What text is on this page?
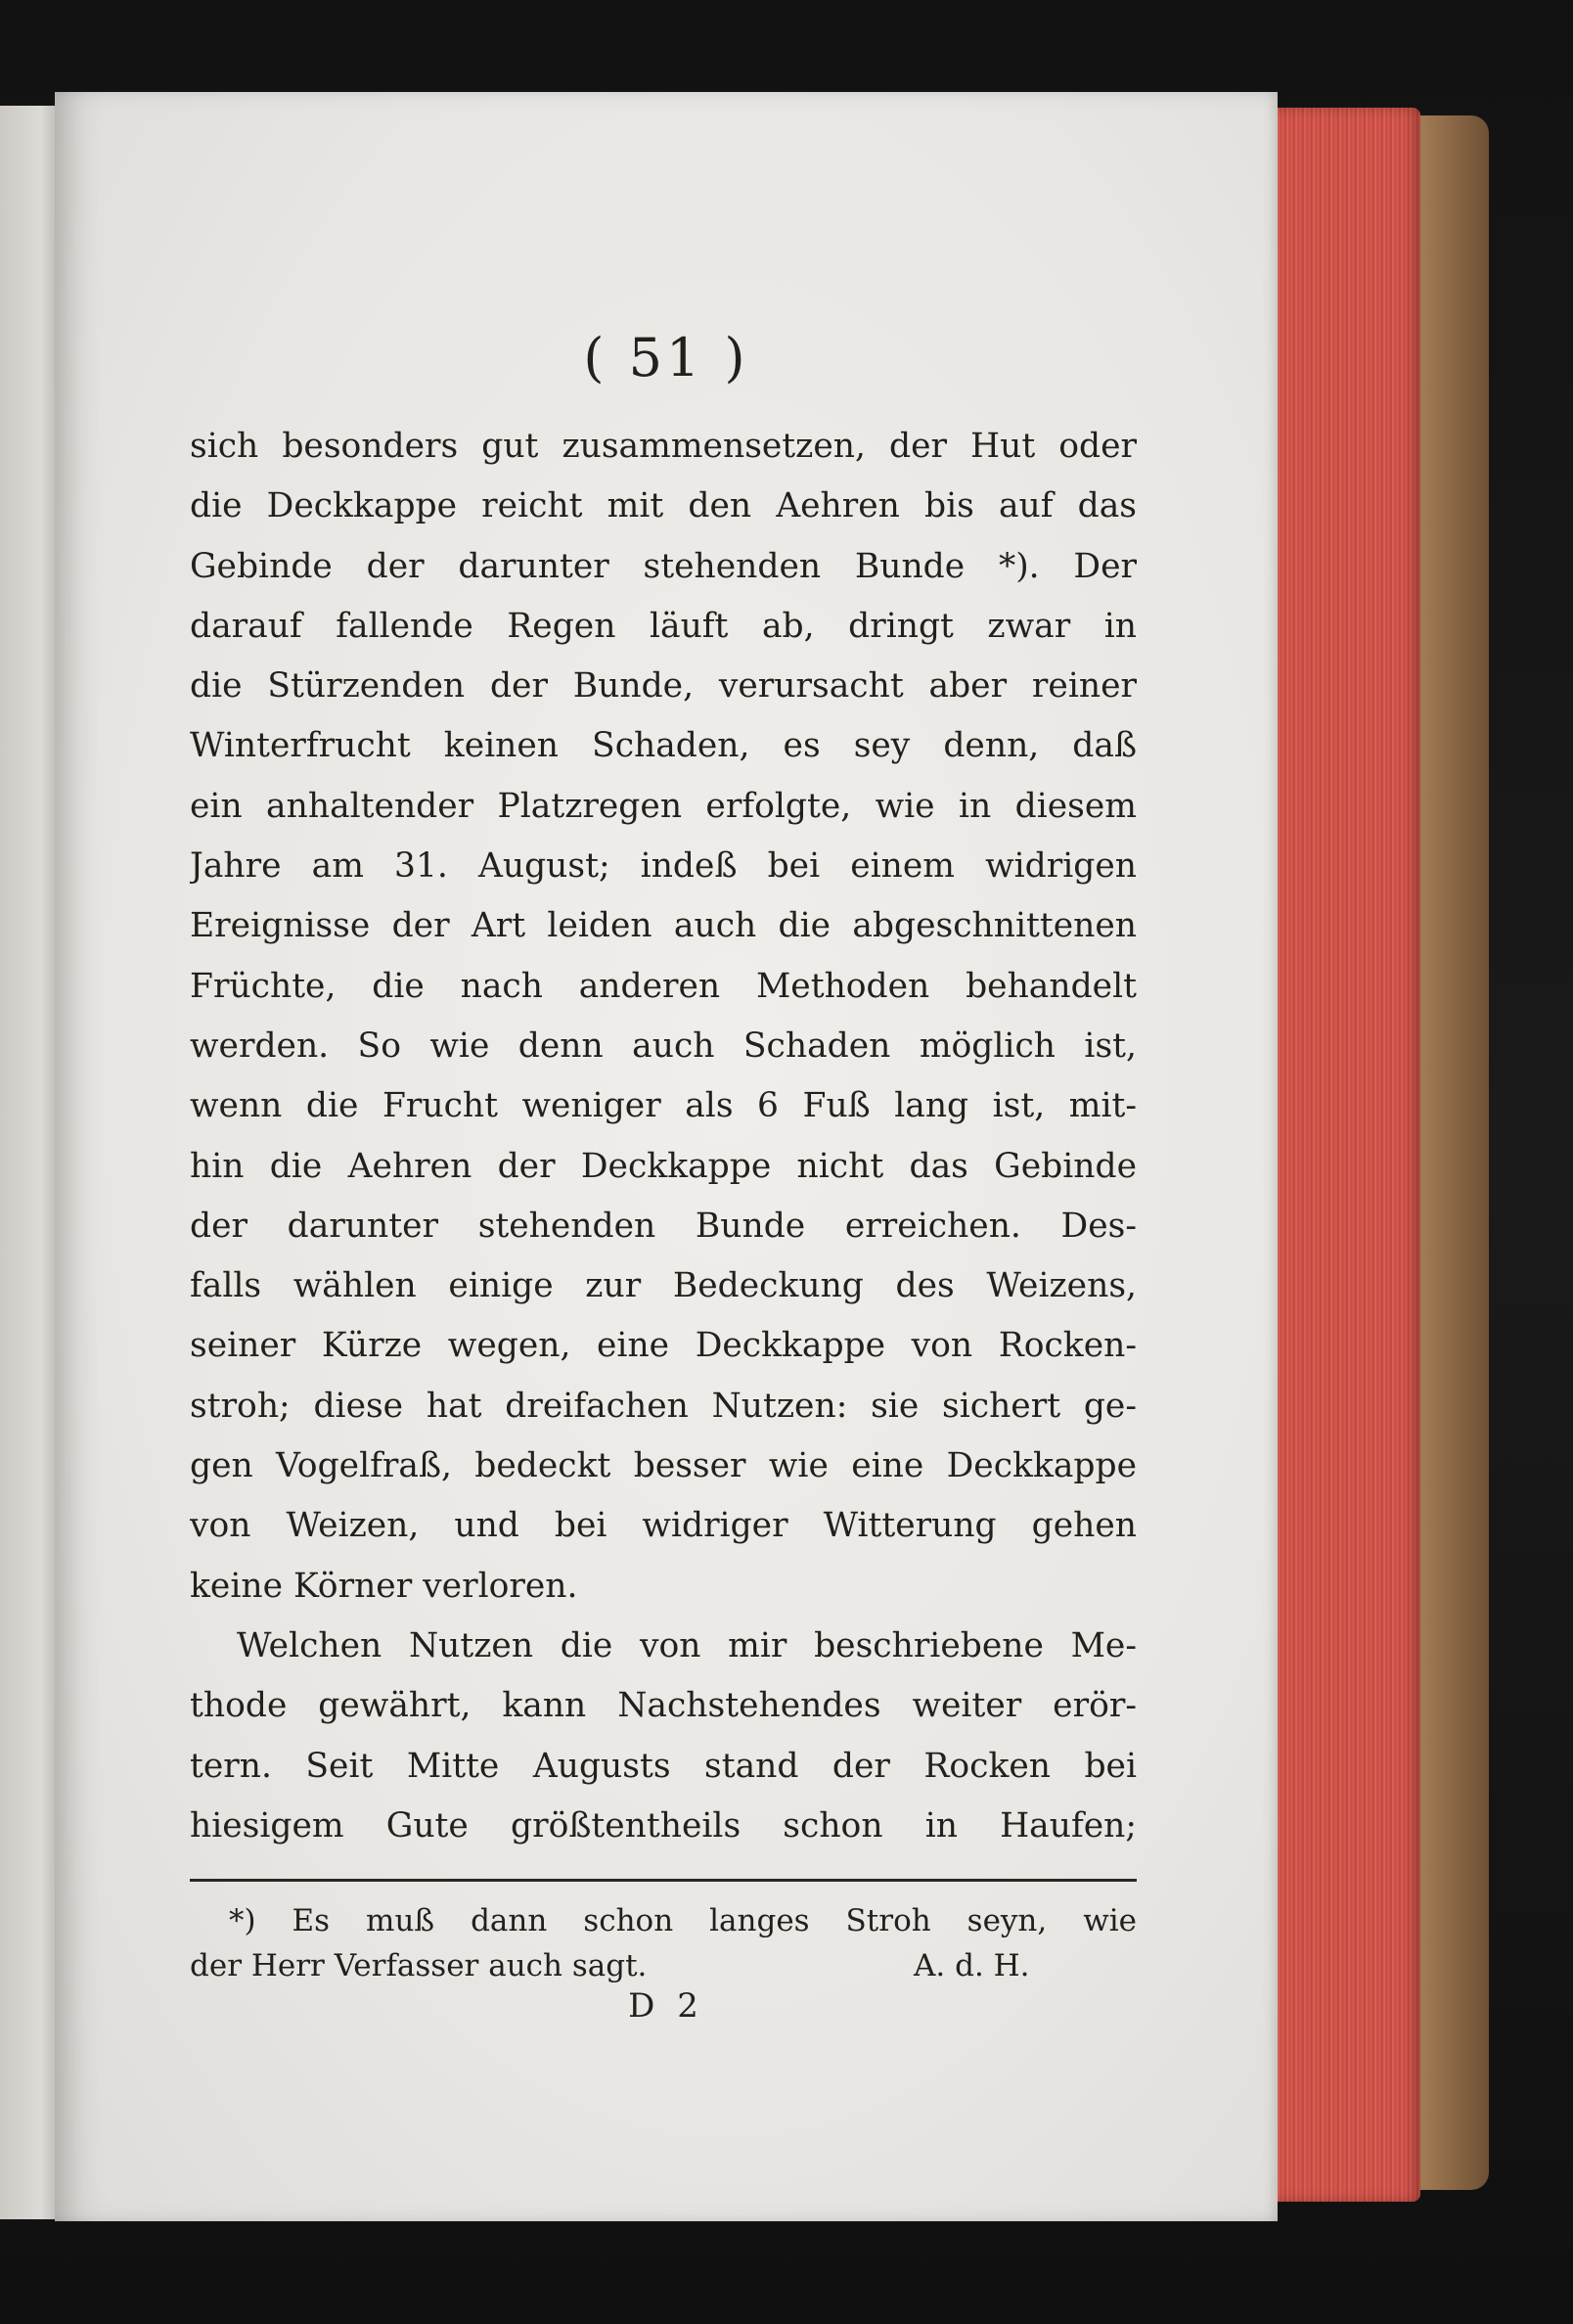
( 51 )
sich besonders gut zusammensetzen, der Hut oder
die Deckkappe reicht mit den Aehren bis auf das
Gebinde der darunter stehenden Bunde *). Der
darauf fallende Regen läuft ab, dringt zwar in
die Stürzenden der Bunde, verursacht aber reiner
Winterfrucht keinen Schaden, es sey denn, daß
ein anhaltender Platzregen erfolgte, wie in diesem
Jahre am 31. August; indeß bei einem widrigen
Ereignisse der Art leiden auch die abgeschnittenen
Früchte, die nach anderen Methoden behandelt
werden. So wie denn auch Schaden möglich ist,
wenn die Frucht weniger als 6 Fuß lang ist, mit-
hin die Aehren der Deckkappe nicht das Gebinde
der darunter stehenden Bunde erreichen. Des-
falls wählen einige zur Bedeckung des Weizens,
seiner Kürze wegen, eine Deckkappe von Rocken-
stroh; diese hat dreifachen Nutzen: sie sichert ge-
gen Vogelfraß, bedeckt besser wie eine Deckkappe
von Weizen, und bei widriger Witterung gehen
keine Körner verloren.
Welchen Nutzen die von mir beschriebene Me-
thode gewährt, kann Nachstehendes weiter erör-
tern. Seit Mitte Augusts stand der Rocken bei
hiesigem Gute größtentheils schon in Haufen;
*) Es muß dann schon langes Stroh seyn, wie
der Herr Verfasser auch sagt.	A. d. H.
D 2
